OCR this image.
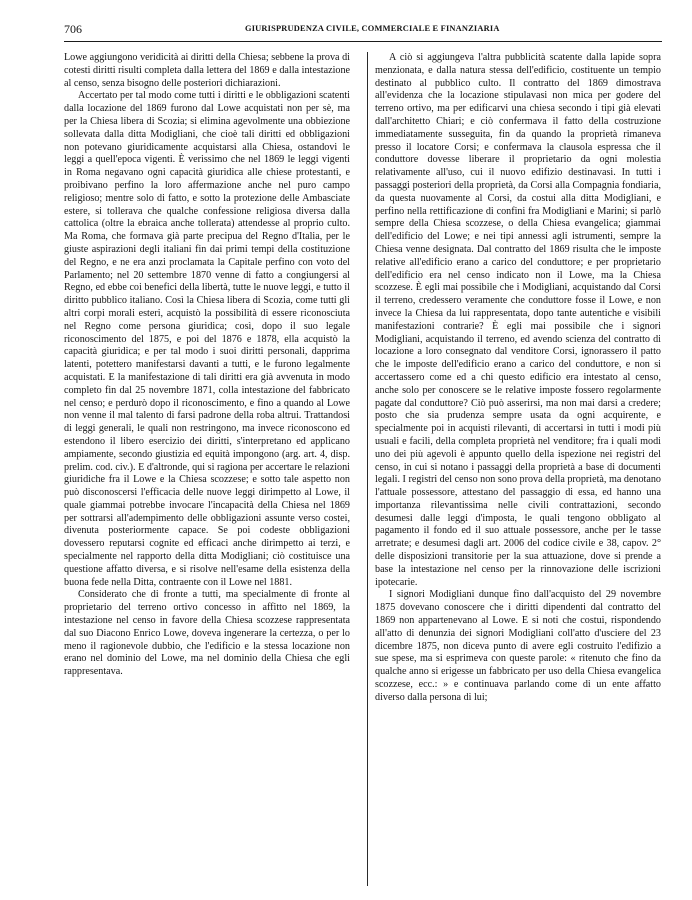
706	GIURISPRUDENZA CIVILE, COMMERCIALE E FINANZIARIA

Lowe aggiungono veridicità ai diritti della Chiesa; sebbene la prova di cotesti diritti risulti completa dalla lettera del 1869 e dalla intestazione al censo, senza bisogno delle posteriori dichiarazioni.

Accertato per tal modo come tutti i diritti e le obbligazioni scatenti dalla locazione del 1869 furono dal Lowe acquistati non per sè, ma per la Chiesa libera di Scozia; si elimina agevolmente una obbiezione sollevata dalla ditta Modigliani, che cioè tali diritti ed obbligazioni non potevano giuridicamente acquistarsi alla Chiesa, ostandovi le leggi a quell'epoca vigenti. È verissimo che nel 1869 le leggi vigenti in Roma negavano ogni capacità giuridica alle chiese protestanti, e proibivano perfino la loro affermazione anche nel puro campo religioso; mentre solo di fatto, e sotto la protezione delle Ambasciate estere, si tollerava che qualche confessione religiosa diversa dalla cattolica (oltre la ebraica anche tollerata) attendesse al proprio culto. Ma Roma, che formava già parte precipua del Regno d'Italia, per le giuste aspirazioni degli italiani fin dai primi tempi della costituzione del Regno, e ne era anzi proclamata la Capitale perfino con voto del Parlamento; nel 20 settembre 1870 venne di fatto a congiungersi al Regno, ed ebbe coi benefici della libertà, tutte le nuove leggi, e tutto il diritto pubblico italiano. Così la Chiesa libera di Scozia, come tutti gli altri corpi morali esteri, acquistò la possibilità di essere riconosciuta nel Regno come persona giuridica; così, dopo il suo legale riconoscimento del 1875, e poi del 1876 e 1878, ella acquistò la capacità giuridica; e per tal modo i suoi diritti personali, dapprima latenti, potettero manifestarsi davanti a tutti, e le furono legalmente acquistati. E la manifestazione di tali diritti era già avvenuta in modo completo fin dal 25 novembre 1871, colla intestazione del fabbricato nel censo; e perdurò dopo il riconoscimento, e fino a quando al Lowe non venne il mal talento di farsi padrone della roba altrui. Trattandosi di leggi generali, le quali non restringono, ma invece riconoscono ed estendono il libero esercizio dei diritti, s'interpretano ed applicano ampiamente, secondo giustizia ed equità impongono (arg. art. 4, disp. prelim. cod. civ.). E d'altronde, qui si ragiona per accertare le relazioni giuridiche fra il Lowe e la Chiesa scozzese; e sotto tale aspetto non può disconoscersi l'efficacia delle nuove leggi dirimpetto al Lowe, il quale giammai potrebbe invocare l'incapacità della Chiesa nel 1869 per sottrarsi all'adempimento delle obbligazioni assunte verso costei, divenuta posteriormente capace. Se poi codeste obbligazioni dovessero reputarsi cognite ed efficaci anche dirimpetto ai terzi, e specialmente nel rapporto della ditta Modigliani; ciò costituisce una questione affatto diversa, e si risolve nell'esame della esistenza della buona fede nella Ditta, contraente con il Lowe nel 1881.

Considerato che di fronte a tutti, ma specialmente di fronte al proprietario del terreno ortivo concesso in affitto nel 1869, la intestazione nel censo in favore della Chiesa scozzese rappresentata dal suo Diacono Enrico Lowe, doveva ingenerare la certezza, o per lo meno il ragionevole dubbio, che l'edificio e la stessa locazione non erano nel dominio del Lowe, ma nel dominio della Chiesa che egli rappresentava.

A ciò si aggiungeva l'altra pubblicità scatente dalla lapide sopra menzionata, e dalla natura stessa dell'edificio, costituente un tempio destinato al pubblico culto. Il contratto del 1869 dimostrava all'evidenza che la locazione stipulavasi non mica per godere del terreno ortivo, ma per edificarvi una chiesa secondo i tipi già elevati dall'architetto Chiari; e ciò confermava il fatto della costruzione immediatamente susseguita, fin da quando la proprietà rimaneva presso il locatore Corsi; e confermava la clausola espressa che il conduttore dovesse liberare il proprietario da ogni molestia relativamente all'uso, cui il nuovo edifizio destinavasi. In tutti i passaggi posteriori della proprietà, da Corsi alla Compagnia fondiaria, da questa nuovamente al Corsi, da costui alla ditta Modigliani, e perfino nella rettificazione di confini fra Modigliani e Marini; si parlò sempre della Chiesa scozzese, o della Chiesa evangelica; giammai dell'edificio del Lowe; e nei tipi annessi agli istrumenti, sempre la Chiesa venne designata. Dal contratto del 1869 risulta che le imposte relative all'edificio erano a carico del conduttore; e per proprietario dell'edificio era nel censo indicato non il Lowe, ma la Chiesa scozzese. È egli mai possibile che i Modigliani, acquistando dal Corsi il terreno, credessero veramente che conduttore fosse il Lowe, e non invece la Chiesa da lui rappresentata, dopo tante autentiche e visibili manifestazioni contrarie? È egli mai possibile che i signori Modigliani, acquistando il terreno, ed avendo scienza del contratto di locazione a loro consegnato dal venditore Corsi, ignorassero il patto che le imposte dell'edificio erano a carico del conduttore, e non si accertassero come ed a chi questo edificio era intestato al censo, anche solo per conoscere se le relative imposte fossero regolarmente pagate dal conduttore? Ciò può asserirsi, ma non mai darsi a credere; posto che sia prudenza sempre usata da ogni acquirente, e specialmente poi in acquisti rilevanti, di accertarsi in tutti i modi più usuali e facili, della completa proprietà nel venditore; fra i quali modi uno dei più agevoli è appunto quello della ispezione nei registri del censo, in cui si notano i passaggi della proprietà a base di documenti legali. I registri del censo non sono prova della proprietà, ma denotano l'attuale possessore, attestano del passaggio di essa, ed hanno una importanza rilevantissima nelle civili contrattazioni, secondo desumesi dalle leggi d'imposta, le quali tengono obbligato al pagamento il fondo ed il suo attuale possessore, anche per le tasse arretrate; e desumesi dagli art. 2006 del codice civile e 38, capov. 2° delle disposizioni transitorie per la sua attuazione, dove si prende a base la intestazione nel censo per la rinnovazione delle iscrizioni ipotecarie.

I signori Modigliani dunque fino dall'acquisto del 29 novembre 1875 dovevano conoscere che i diritti dipendenti dal contratto del 1869 non appartenevano al Lowe. E si noti che costui, rispondendo all'atto di denunzia dei signori Modigliani coll'atto d'usciere del 23 dicembre 1875, non diceva punto di avere egli costruito l'edifizio a sue spese, ma si esprimeva con queste parole: « ritenuto che fino da qualche anno si erigesse un fabbricato per uso della Chiesa evangelica scozzese, ecc.: » e continuava parlando come di un ente affatto diverso dalla persona di lui;
